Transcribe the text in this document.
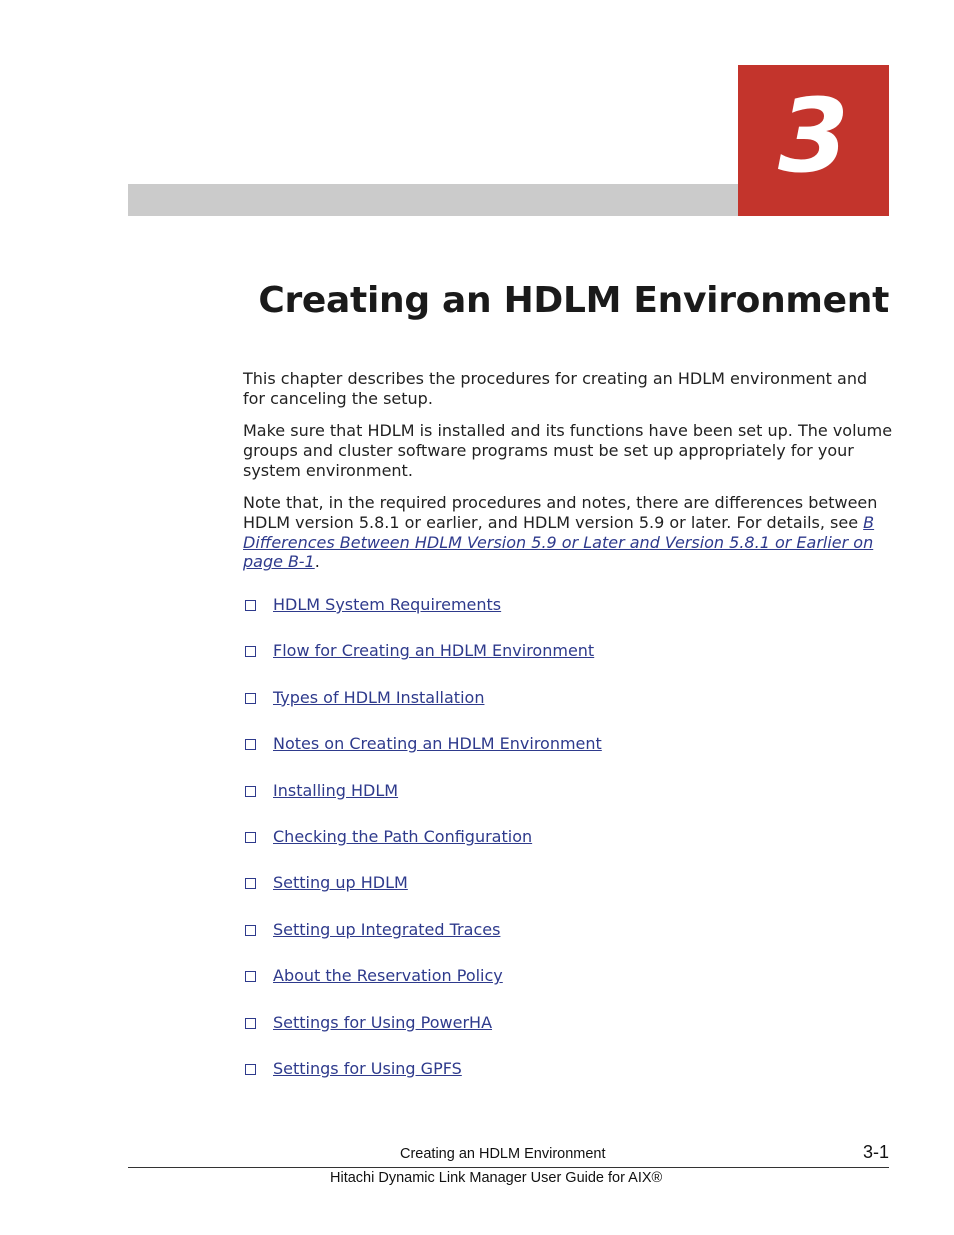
3
Creating an HDLM Environment

This chapter describes the procedures for creating an HDLM environment and for canceling the setup.

Make sure that HDLM is installed and its functions have been set up. The volume groups and cluster software programs must be set up appropriately for your system environment.

Note that, in the required procedures and notes, there are differences between HDLM version 5.8.1 or earlier, and HDLM version 5.9 or later. For details, see B Differences Between HDLM Version 5.9 or Later and Version 5.8.1 or Earlier on page B-1.

HDLM System Requirements
Flow for Creating an HDLM Environment
Types of HDLM Installation
Notes on Creating an HDLM Environment
Installing HDLM
Checking the Path Configuration
Setting up HDLM
Setting up Integrated Traces
About the Reservation Policy
Settings for Using PowerHA
Settings for Using GPFS
Creating an HDLM Environment	3-1
Hitachi Dynamic Link Manager User Guide for AIX®
